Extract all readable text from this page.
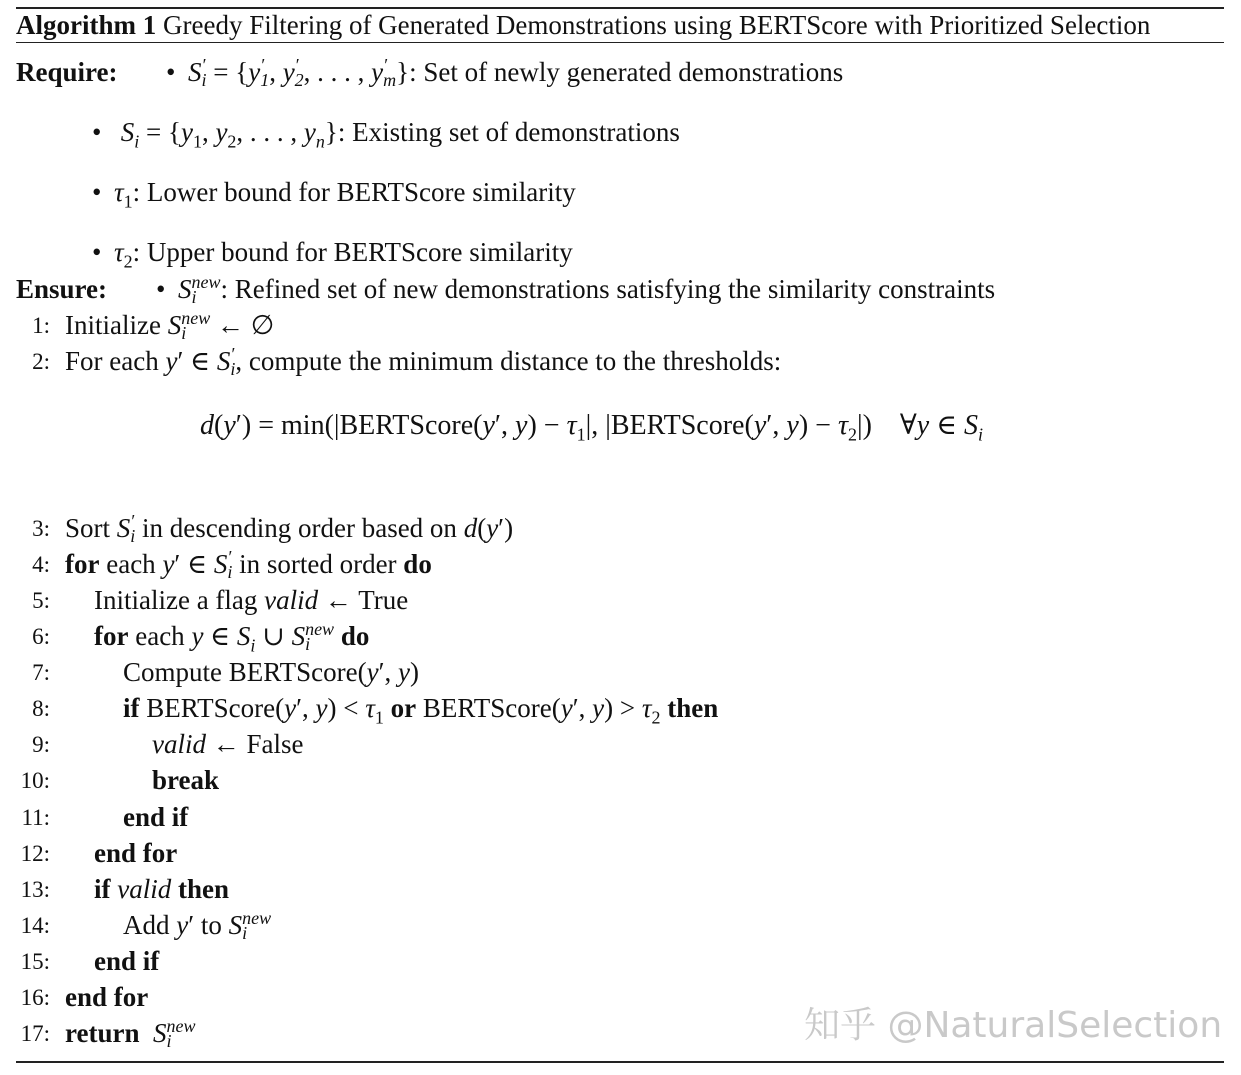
Algorithm 1 Greedy Filtering of Generated Demonstrations using BERTScore with Prioritized Selection
Require: • S ′
i = {y ′
1 , y ′
2 , . . . , y ′
m }: Set of newly generated demonstrations
• $S_i = \{y_1$, $y_2$, . . . , $y_n$}: Existing set of demonstrations
• $\tau_1$: Lower bound for BERTScore similarity
• $\tau_2$: Upper bound for BERTScore similarity
Ensure: • S new
i : Refined set of new demonstrations satisfying the similarity constraints
1: Initialize S new
i ← ∅
2: For each y′ ∈ S ′
i , compute the minimum distance to the thresholds:
d(y′) = min(|BERTScore(y′, $y) - \tau_1|$, |BERTScore(y′, $y) - \tau_2|$)    ∀y ∈ $S_i$
3: Sort S ′
i in descending order based on d(y′)
4: for each y′ ∈ S ′
i in sorted order do
5: Initialize a flag valid ← True
6: for each y ∈ $S_i$ ∪ S new
i	do
7:	Compute BERTScore(y′, y)
8:	if BERTScore(y′, $y) < \tau_1$ or BERTScore(y′, $y) > \tau_2$ then
9:	valid ← False
10:	break
11:	end if
12: end for
13: if valid then
14:	Add y′ to S new
i
15: end if
16: end for
17: return S new
i	知乎 @NaturalSelection
